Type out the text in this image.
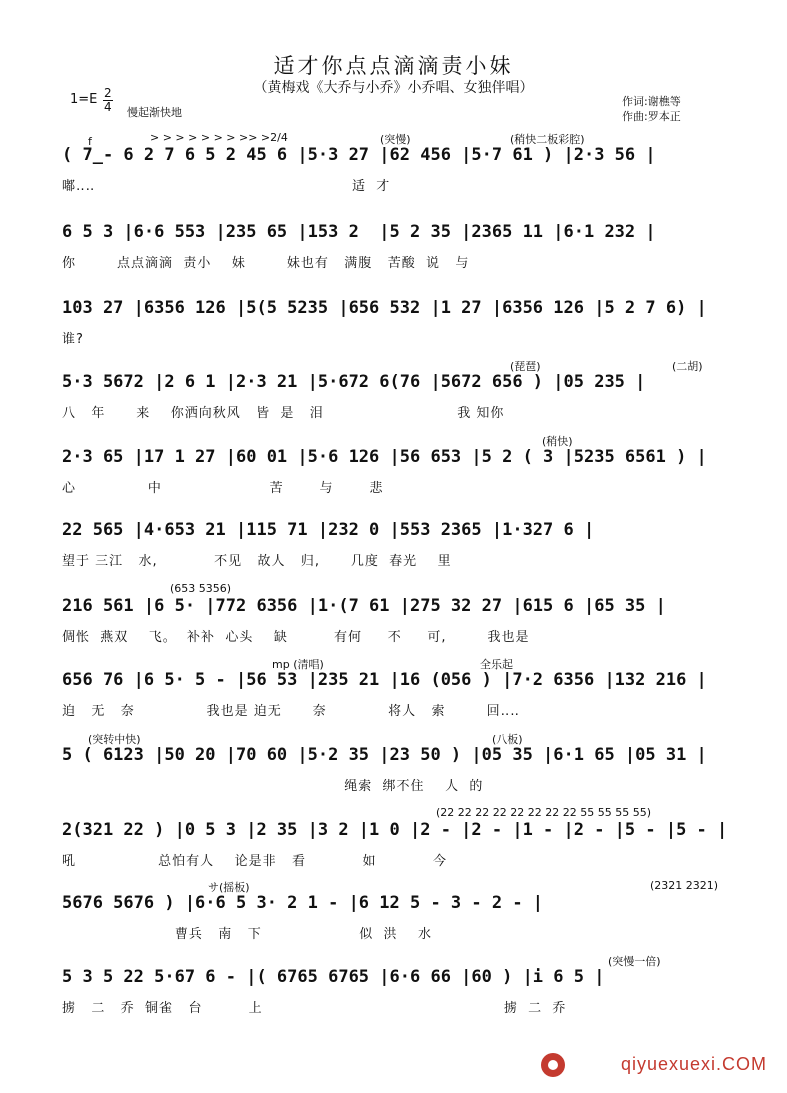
适才你点点滴滴责小妹
（黄梅戏《大乔与小乔》小乔唱、女独伴唱）
1=E 2
4 慢起渐快地
作词:谢樵等
作曲:罗本正
( 7̲- 6 2 7 6 5 2 45 6 |5·3 27 |62 456 |5·7 61 ) |2·3 56 |
嘟‥‥                                                  适  才
f	> > > > > > > >> >2/4	(突慢)	(稍快二板彩腔)
6 5 3 |6·6 553 |235 65 |153 2  |5 2 35 |2365 11 |6·1 232 |
你        点点滴滴  责小    妹        妹也有   满腹   苦酸  说   与
103 27 |6356 126 |5(5 5235 |656 532 |1 27 |6356 126 |5 2 7 6) |
谁?
5·3 5672 |2 6 1 |2·3 21 |5·672 6(76 |5672 656 ) |05 235 |
八   年      来    你洒向秋风   皆  是   泪                          我 知你
(琵琶)	(二胡)
2·3 65 |17 1 27 |60 01 |5·6 126 |56 653 |5 2 ( 3 |5235 6561 ) |
心              中                     苦       与       悲
(稍快)
22 565 |4·653 21 |115 71 |232 0 |553 2365 |1·327 6 |
望于 三江   水,           不见   故人   归,      几度  春光    里
216 561 |6 5· |772 6356 |1·(7 61 |275 32 27 |615 6 |65 35 |
倜怅  燕双    飞。  补补  心头    缺         有何     不     可,        我也是
(653 5356)
656 76 |6 5· 5 - |56 53 |235 21 |16 (056 ) |7·2 6356 |132 216 |
迫   无   奈              我也是 迫无      奈            将人   索        回‥‥
mp (清唱)	全乐起
5 ( 6123 |50 20 |70 60 |5·2 35 |23 50 ) |05 35 |6·1 65 |05 31 |
绳索  绑不住    人  的
(突转中快)	(八板)
2(321 22 ) |0 5 3 |2 35 |3 2 |1 0 |2 - |2 - |1 - |2 - |5 - |5 - |
吼                总怕有人    论是非   看           如           今
(22 22 22 22 22 22 22 22 55 55 55 55)
5676 5676 ) |6·6 5 3· 2 1 - |6 12 5 - 3 - 2 - |
曹兵   南   下                   似  洪    水
サ(摇板)	(2321 2321)
5 3 5 22 5·67 6 - |( 6765 6765 |6·6 66 |60 ) |i 6 5 |
掳   二   乔  铜雀   台         上                                               掳  二  乔
(突慢一倍)
qiyuexuexi.COM
